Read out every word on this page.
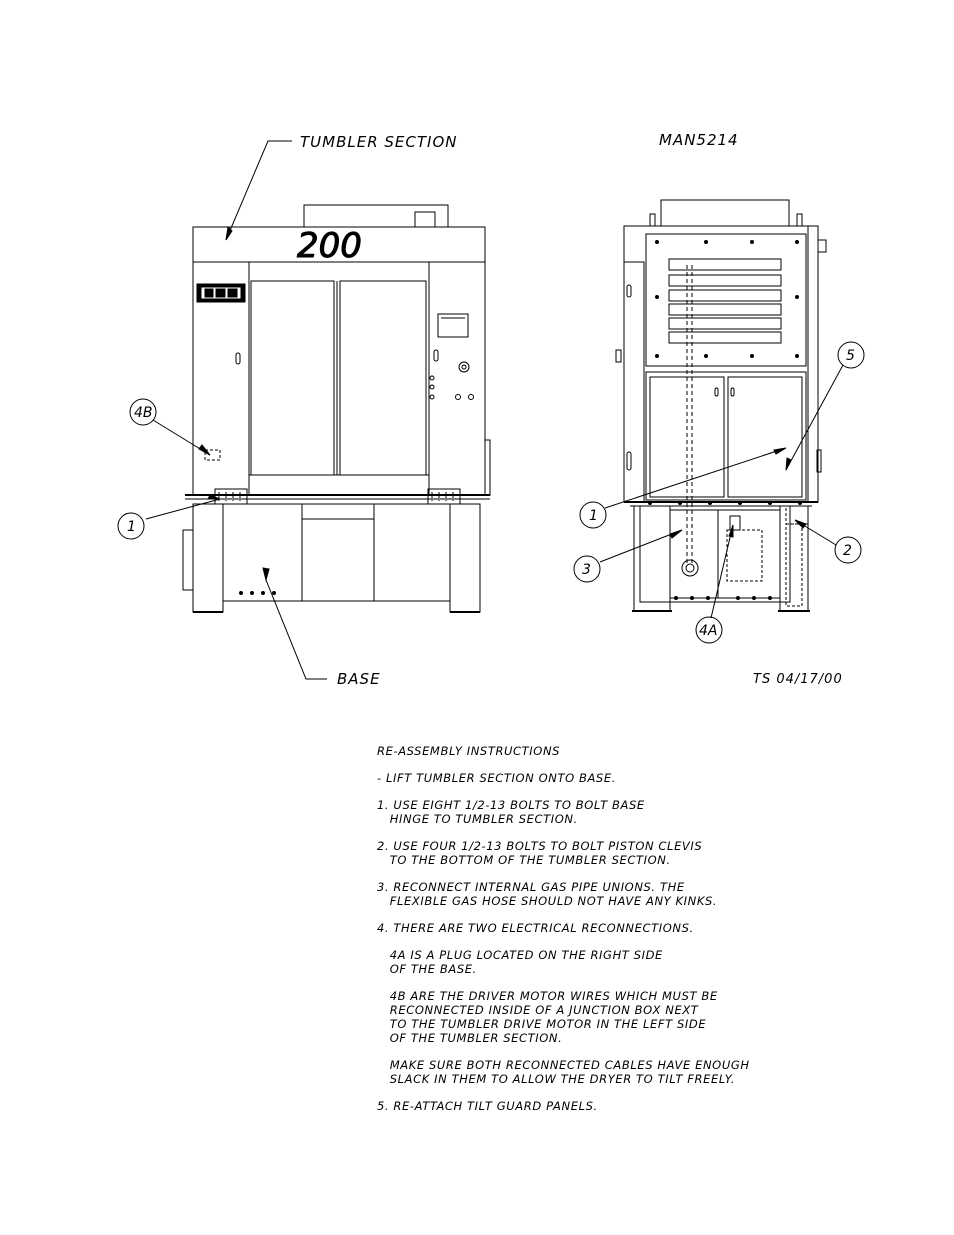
TUMBLER SECTION	MAN5214
200
BASE	TS 04/17/00
4B
1
5
1
2
3
4A

RE-ASSEMBLY INSTRUCTIONS

- LIFT TUMBLER SECTION ONTO BASE.

1. USE EIGHT 1/2-13 BOLTS TO BOLT BASE

HINGE TO TUMBLER SECTION.

2. USE FOUR 1/2-13 BOLTS TO BOLT PISTON CLEVIS

TO THE BOTTOM OF THE TUMBLER SECTION.

3. RECONNECT INTERNAL GAS PIPE UNIONS. THE

FLEXIBLE GAS HOSE SHOULD NOT HAVE ANY KINKS.

4. THERE ARE TWO ELECTRICAL RECONNECTIONS.

4A IS A PLUG LOCATED ON THE RIGHT SIDE

OF THE BASE.

4B ARE THE DRIVER MOTOR WIRES WHICH MUST BE

RECONNECTED INSIDE OF A JUNCTION BOX NEXT

TO THE TUMBLER DRIVE MOTOR IN THE LEFT SIDE

OF THE TUMBLER SECTION.

MAKE SURE BOTH RECONNECTED CABLES HAVE ENOUGH

SLACK IN THEM TO ALLOW THE DRYER TO TILT FREELY.

5. RE-ATTACH TILT GUARD PANELS.
